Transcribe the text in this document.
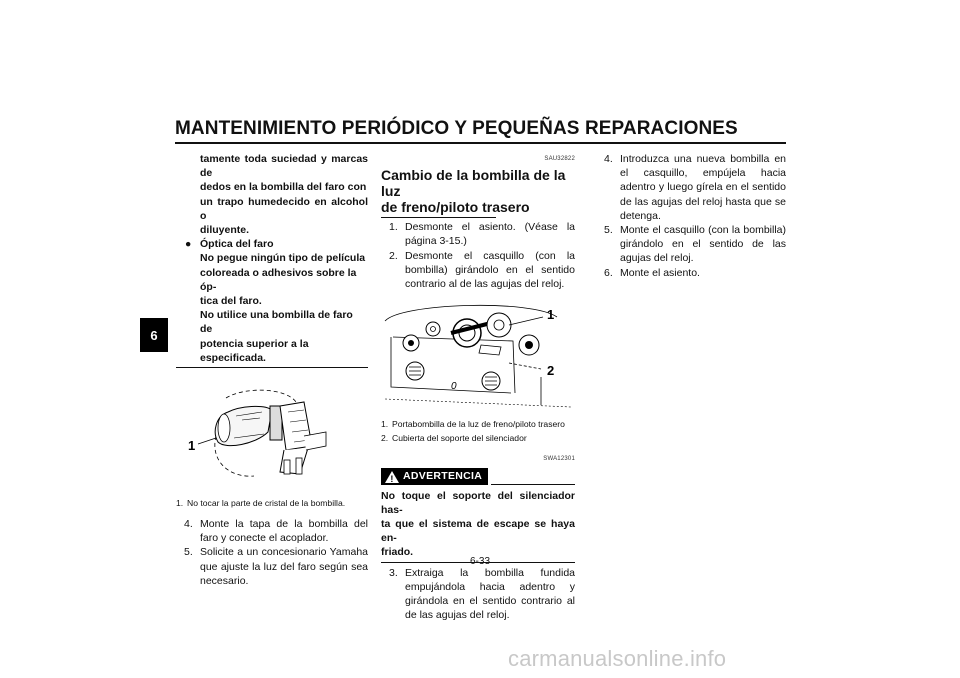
MANTENIMIENTO PERIÓDICO Y PEQUEÑAS REPARACIONES
6
tamente toda suciedad y marcas de
dedos en la bombilla del faro con
un trapo humedecido en alcohol o
diluyente.
● Óptica del faro
No pegue ningún tipo de película
coloreada o adhesivos sobre la óp-
tica del faro.
No utilice una bombilla de faro de
potencia superior a la especificada.
1
1. No tocar la parte de cristal de la bombilla.
4. Monte la tapa de la bombilla del faro y conecte el acoplador.
5. Solicite a un concesionario Yamaha que ajuste la luz del faro según sea necesario.
SAU32822
Cambio de la bombilla de la luz
de freno/piloto trasero
1. Desmonte el asiento. (Véase la página 3-15.)
2. Desmonte el casquillo (con la bombilla) girándolo en el sentido contrario al de las agujas del reloj.
0
1
2
1. Portabombilla de la luz de freno/piloto trasero
2. Cubierta del soporte del silenciador
SWA12301
! ADVERTENCIA
No toque el soporte del silenciador has-
ta que el sistema de escape se haya en-
friado.
3. Extraiga la bombilla fundida empujándola hacia adentro y girándola en el sentido contrario al de las agujas del reloj.
4. Introduzca una nueva bombilla en el casquillo, empújela hacia adentro y luego gírela en el sentido de las agujas del reloj hasta que se detenga.
5. Monte el casquillo (con la bombilla) girándolo en el sentido de las agujas del reloj.
6. Monte el asiento.
6-33
carmanualsonline.info
